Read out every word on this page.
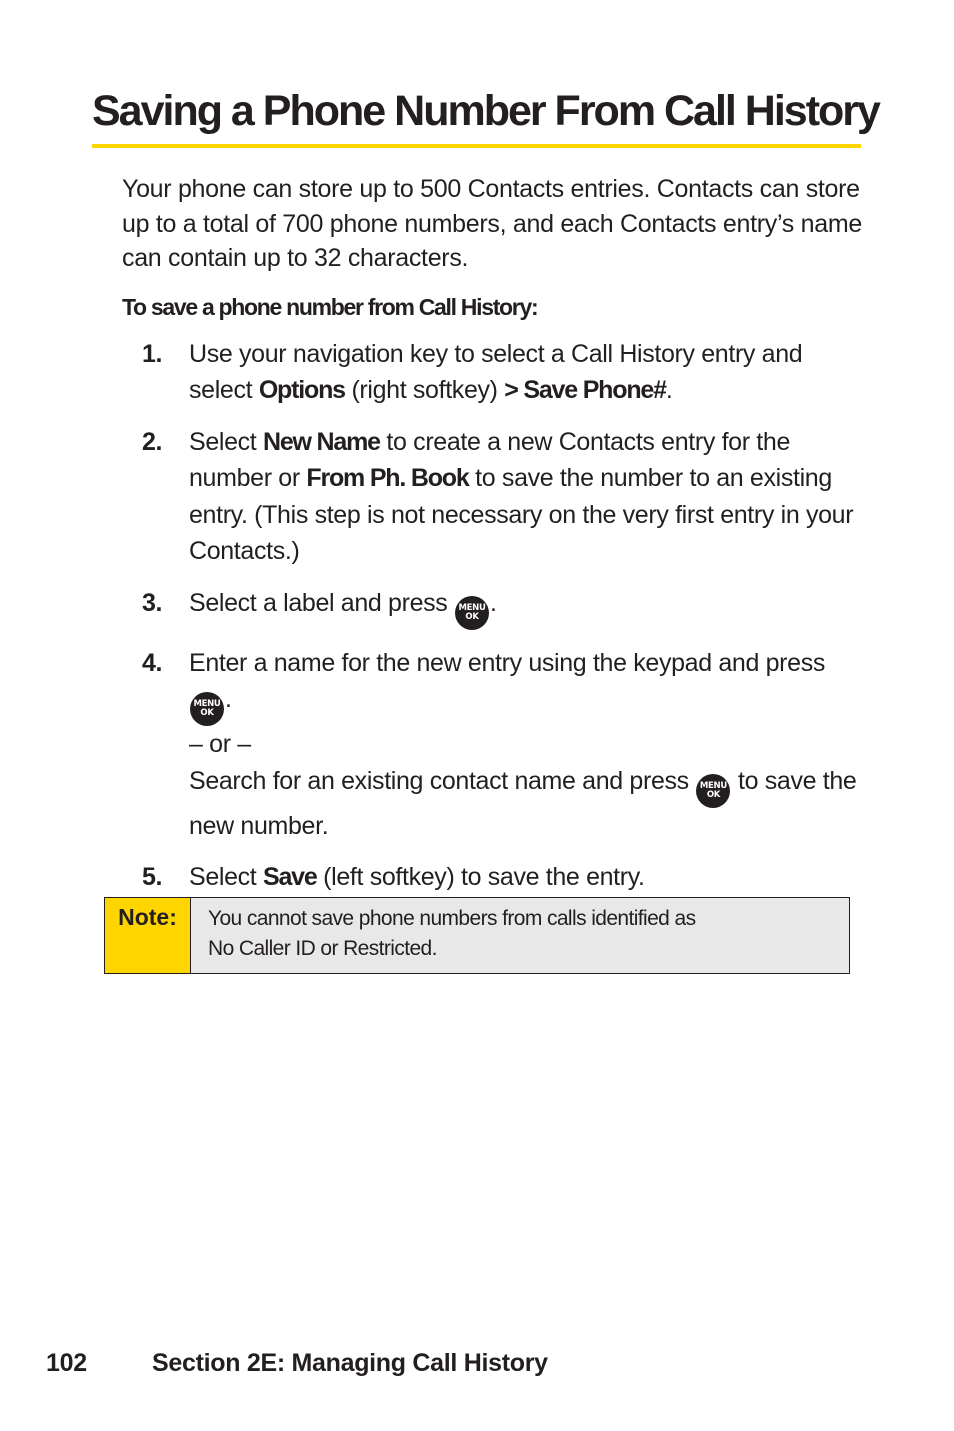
Saving a Phone Number From Call History

Your phone can store up to 500 Contacts entries. Contacts can store up to a total of 700 phone numbers, and each Contacts entry’s name can contain up to 32 characters.

To save a phone number from Call History:

1. Use your navigation key to select a Call History entry and select Options (right softkey) > Save Phone#.
2. Select New Name to create a new Contacts entry for the number or From Ph. Book to save the number to an existing entry. (This step is not necessary on the very first entry in your Contacts.)
3. Select a label and press MENU
OK .
4. Enter a name for the new entry using the keypad and press
MENU
OK .
– or –
Search for an existing contact name and press MENU
OK to save the new number.
5. Select Save (left softkey) to save the entry.
Note:	You cannot save phone numbers from calls identified as
No Caller ID or Restricted.
102	Section 2E: Managing Call History
